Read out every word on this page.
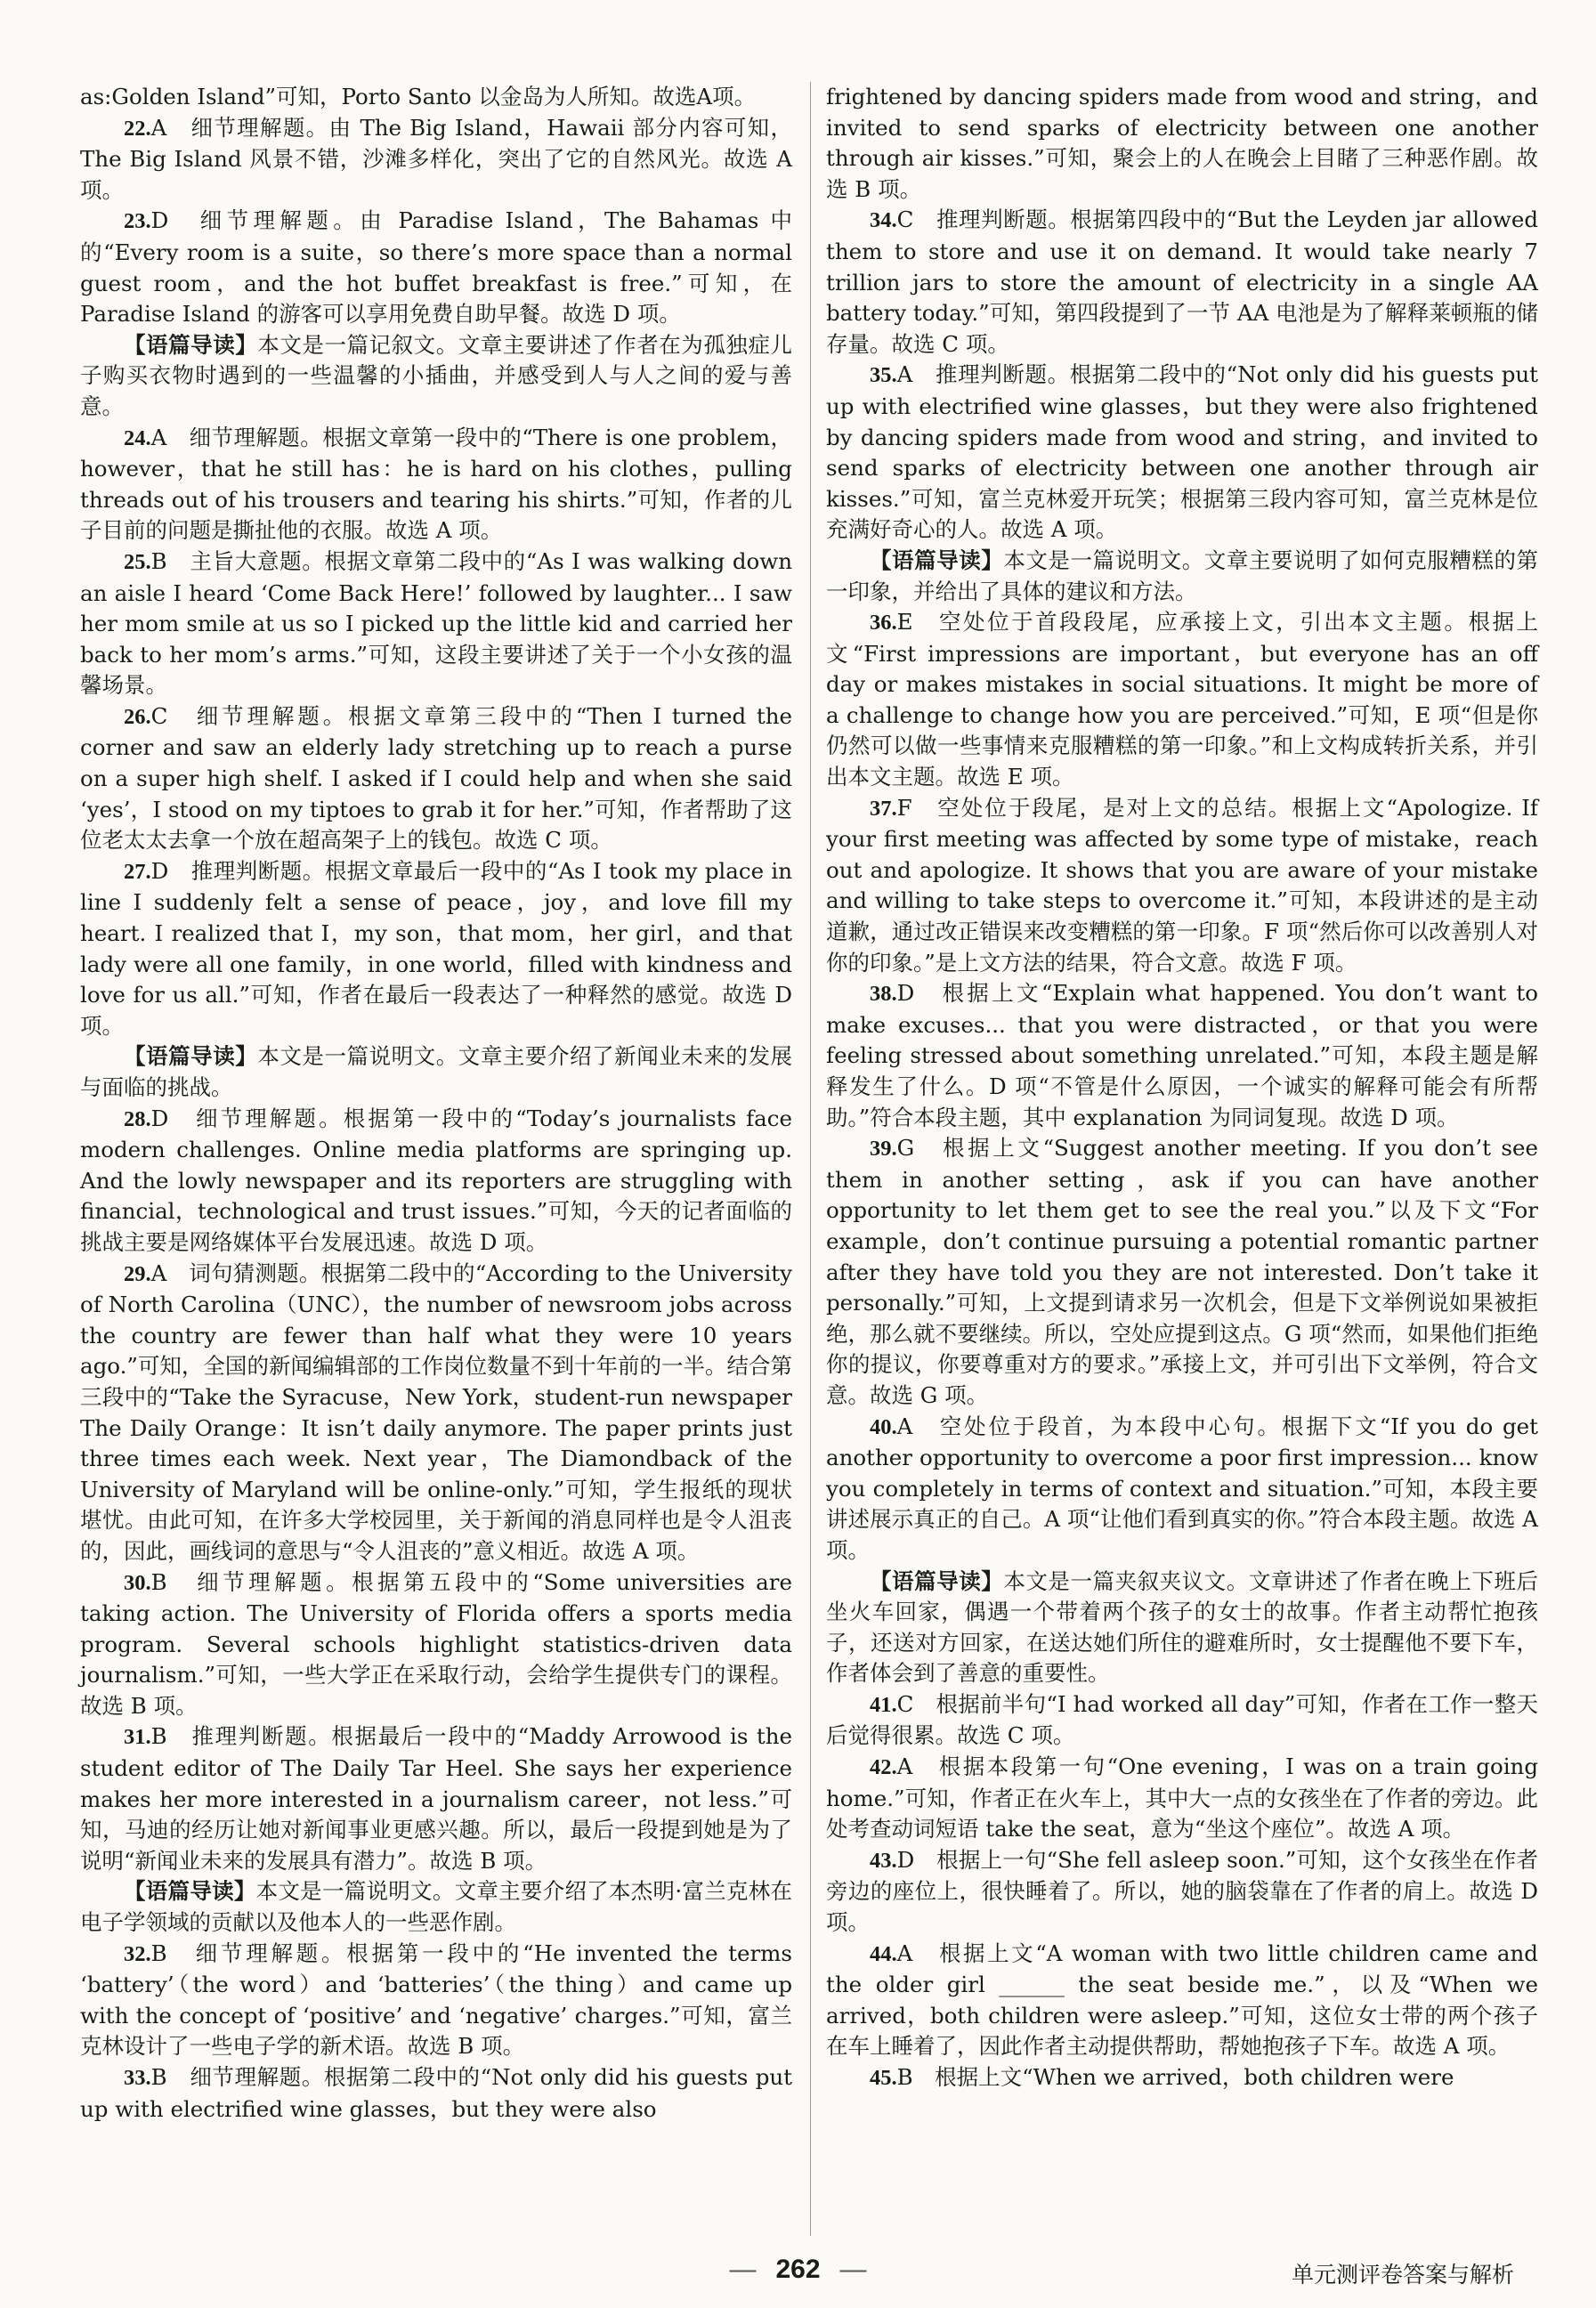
as:Golden Island”可知，Porto Santo 以金岛为人所知。故选A项。

22.A　细节理解题。由 The Big Island，Hawaii 部分内容可知，The Big Island 风景不错，沙滩多样化，突出了它的自然风光。故选 A 项。

23.D　细节理解题。由 Paradise Island，The Bahamas 中的“Every room is a suite，so there’s more space than a normal guest room，and the hot buffet breakfast is free.”可知，在 Paradise Island 的游客可以享用免费自助早餐。故选 D 项。

【语篇导读】本文是一篇记叙文。文章主要讲述了作者在为孤独症儿子购买衣物时遇到的一些温馨的小插曲，并感受到人与人之间的爱与善意。

24.A　细节理解题。根据文章第一段中的“There is one problem，however，that he still has：he is hard on his clothes，pulling threads out of his trousers and tearing his shirts.”可知，作者的儿子目前的问题是撕扯他的衣服。故选 A 项。

25.B　主旨大意题。根据文章第二段中的“As I was walking down an aisle I heard ‘Come Back Here!’ followed by laughter... I saw her mom smile at us so I picked up the little kid and carried her back to her mom’s arms.”可知，这段主要讲述了关于一个小女孩的温馨场景。

26.C　细节理解题。根据文章第三段中的“Then I turned the corner and saw an elderly lady stretching up to reach a purse on a super high shelf. I asked if I could help and when she said ‘yes’，I stood on my tiptoes to grab it for her.”可知，作者帮助了这位老太太去拿一个放在超高架子上的钱包。故选 C 项。

27.D　推理判断题。根据文章最后一段中的“As I took my place in line I suddenly felt a sense of peace，joy，and love fill my heart. I realized that I，my son，that mom，her girl，and that lady were all one family，in one world，filled with kindness and love for us all.”可知，作者在最后一段表达了一种释然的感觉。故选 D 项。

【语篇导读】本文是一篇说明文。文章主要介绍了新闻业未来的发展与面临的挑战。

28.D　细节理解题。根据第一段中的“Today’s journalists face modern challenges. Online media platforms are springing up. And the lowly newspaper and its reporters are struggling with financial，technological and trust issues.”可知，今天的记者面临的挑战主要是网络媒体平台发展迅速。故选 D 项。

29.A　词句猜测题。根据第二段中的“According to the University of North Carolina（UNC），the number of newsroom jobs across the country are fewer than half what they were 10 years ago.”可知，全国的新闻编辑部的工作岗位数量不到十年前的一半。结合第三段中的“Take the Syracuse，New York，student-run newspaper The Daily Orange：It isn’t daily anymore. The paper prints just three times each week. Next year，The Diamondback of the University of Maryland will be online-only.”可知，学生报纸的现状堪忧。由此可知，在许多大学校园里，关于新闻的消息同样也是令人沮丧的，因此，画线词的意思与“令人沮丧的”意义相近。故选 A 项。

30.B　细节理解题。根据第五段中的“Some universities are taking action. The University of Florida offers a sports media program. Several schools highlight statistics-driven data journalism.”可知，一些大学正在采取行动，会给学生提供专门的课程。故选 B 项。

31.B　推理判断题。根据最后一段中的“Maddy Arrowood is the student editor of The Daily Tar Heel. She says her experience makes her more interested in a journalism career，not less.”可知，马迪的经历让她对新闻事业更感兴趣。所以，最后一段提到她是为了说明“新闻业未来的发展具有潜力”。故选 B 项。

【语篇导读】本文是一篇说明文。文章主要介绍了本杰明·富兰克林在电子学领域的贡献以及他本人的一些恶作剧。

32.B　细节理解题。根据第一段中的“He invented the terms ‘battery’（the word）and ‘batteries’（the thing）and came up with the concept of ‘positive’ and ‘negative’ charges.”可知，富兰克林设计了一些电子学的新术语。故选 B 项。

33.B　细节理解题。根据第二段中的“Not only did his guests put up with electrified wine glasses，but they were also

frightened by dancing spiders made from wood and string，and invited to send sparks of electricity between one another through air kisses.”可知，聚会上的人在晚会上目睹了三种恶作剧。故选 B 项。

34.C　推理判断题。根据第四段中的“But the Leyden jar allowed them to store and use it on demand. It would take nearly 7 trillion jars to store the amount of electricity in a single AA battery today.”可知，第四段提到了一节 AA 电池是为了解释莱顿瓶的储存量。故选 C 项。

35.A　推理判断题。根据第二段中的“Not only did his guests put up with electrified wine glasses，but they were also frightened by dancing spiders made from wood and string，and invited to send sparks of electricity between one another through air kisses.”可知，富兰克林爱开玩笑；根据第三段内容可知，富兰克林是位充满好奇心的人。故选 A 项。

【语篇导读】本文是一篇说明文。文章主要说明了如何克服糟糕的第一印象，并给出了具体的建议和方法。

36.E　空处位于首段段尾，应承接上文，引出本文主题。根据上文“First impressions are important，but everyone has an off day or makes mistakes in social situations. It might be more of a challenge to change how you are perceived.”可知，E 项“但是你仍然可以做一些事情来克服糟糕的第一印象。”和上文构成转折关系，并引出本文主题。故选 E 项。

37.F　空处位于段尾，是对上文的总结。根据上文“Apologize. If your first meeting was affected by some type of mistake，reach out and apologize. It shows that you are aware of your mistake and willing to take steps to overcome it.”可知，本段讲述的是主动道歉，通过改正错误来改变糟糕的第一印象。F 项“然后你可以改善别人对你的印象。”是上文方法的结果，符合文意。故选 F 项。

38.D　根据上文“Explain what happened. You don’t want to make excuses... that you were distracted，or that you were feeling stressed about something unrelated.”可知，本段主题是解释发生了什么。D 项“不管是什么原因，一个诚实的解释可能会有所帮助。”符合本段主题，其中 explanation 为同词复现。故选 D 项。

39.G　根据上文“Suggest another meeting. If you don’t see them in another setting，ask if you can have another opportunity to let them get to see the real you.”以及下文“For example，don’t continue pursuing a potential romantic partner after they have told you they are not interested. Don’t take it personally.”可知，上文提到请求另一次机会，但是下文举例说如果被拒绝，那么就不要继续。所以，空处应提到这点。G 项“然而，如果他们拒绝你的提议，你要尊重对方的要求。”承接上文，并可引出下文举例，符合文意。故选 G 项。

40.A　空处位于段首，为本段中心句。根据下文“If you do get another opportunity to overcome a poor first impression... know you completely in terms of context and situation.”可知，本段主要讲述展示真正的自己。A 项“让他们看到真实的你。”符合本段主题。故选 A 项。

【语篇导读】本文是一篇夹叙夹议文。文章讲述了作者在晚上下班后坐火车回家，偶遇一个带着两个孩子的女士的故事。作者主动帮忙抱孩子，还送对方回家，在送达她们所住的避难所时，女士提醒他不要下车，作者体会到了善意的重要性。

41.C　根据前半句“I had worked all day”可知，作者在工作一整天后觉得很累。故选 C 项。

42.A　根据本段第一句“One evening，I was on a train going home.”可知，作者正在火车上，其中大一点的女孩坐在了作者的旁边。此处考查动词短语 take the seat，意为“坐这个座位”。故选 A 项。

43.D　根据上一句“She fell asleep soon.”可知，这个女孩坐在作者旁边的座位上，很快睡着了。所以，她的脑袋靠在了作者的肩上。故选 D 项。

44.A　根据上文“A woman with two little children came and the older girl ______ the seat beside me.”，以及“When we arrived，both children were asleep.”可知，这位女士带的两个孩子在车上睡着了，因此作者主动提供帮助，帮她抱孩子下车。故选 A 项。

45.B　根据上文“When we arrived，both children were

— 262 —	单元测评卷答案与解析
